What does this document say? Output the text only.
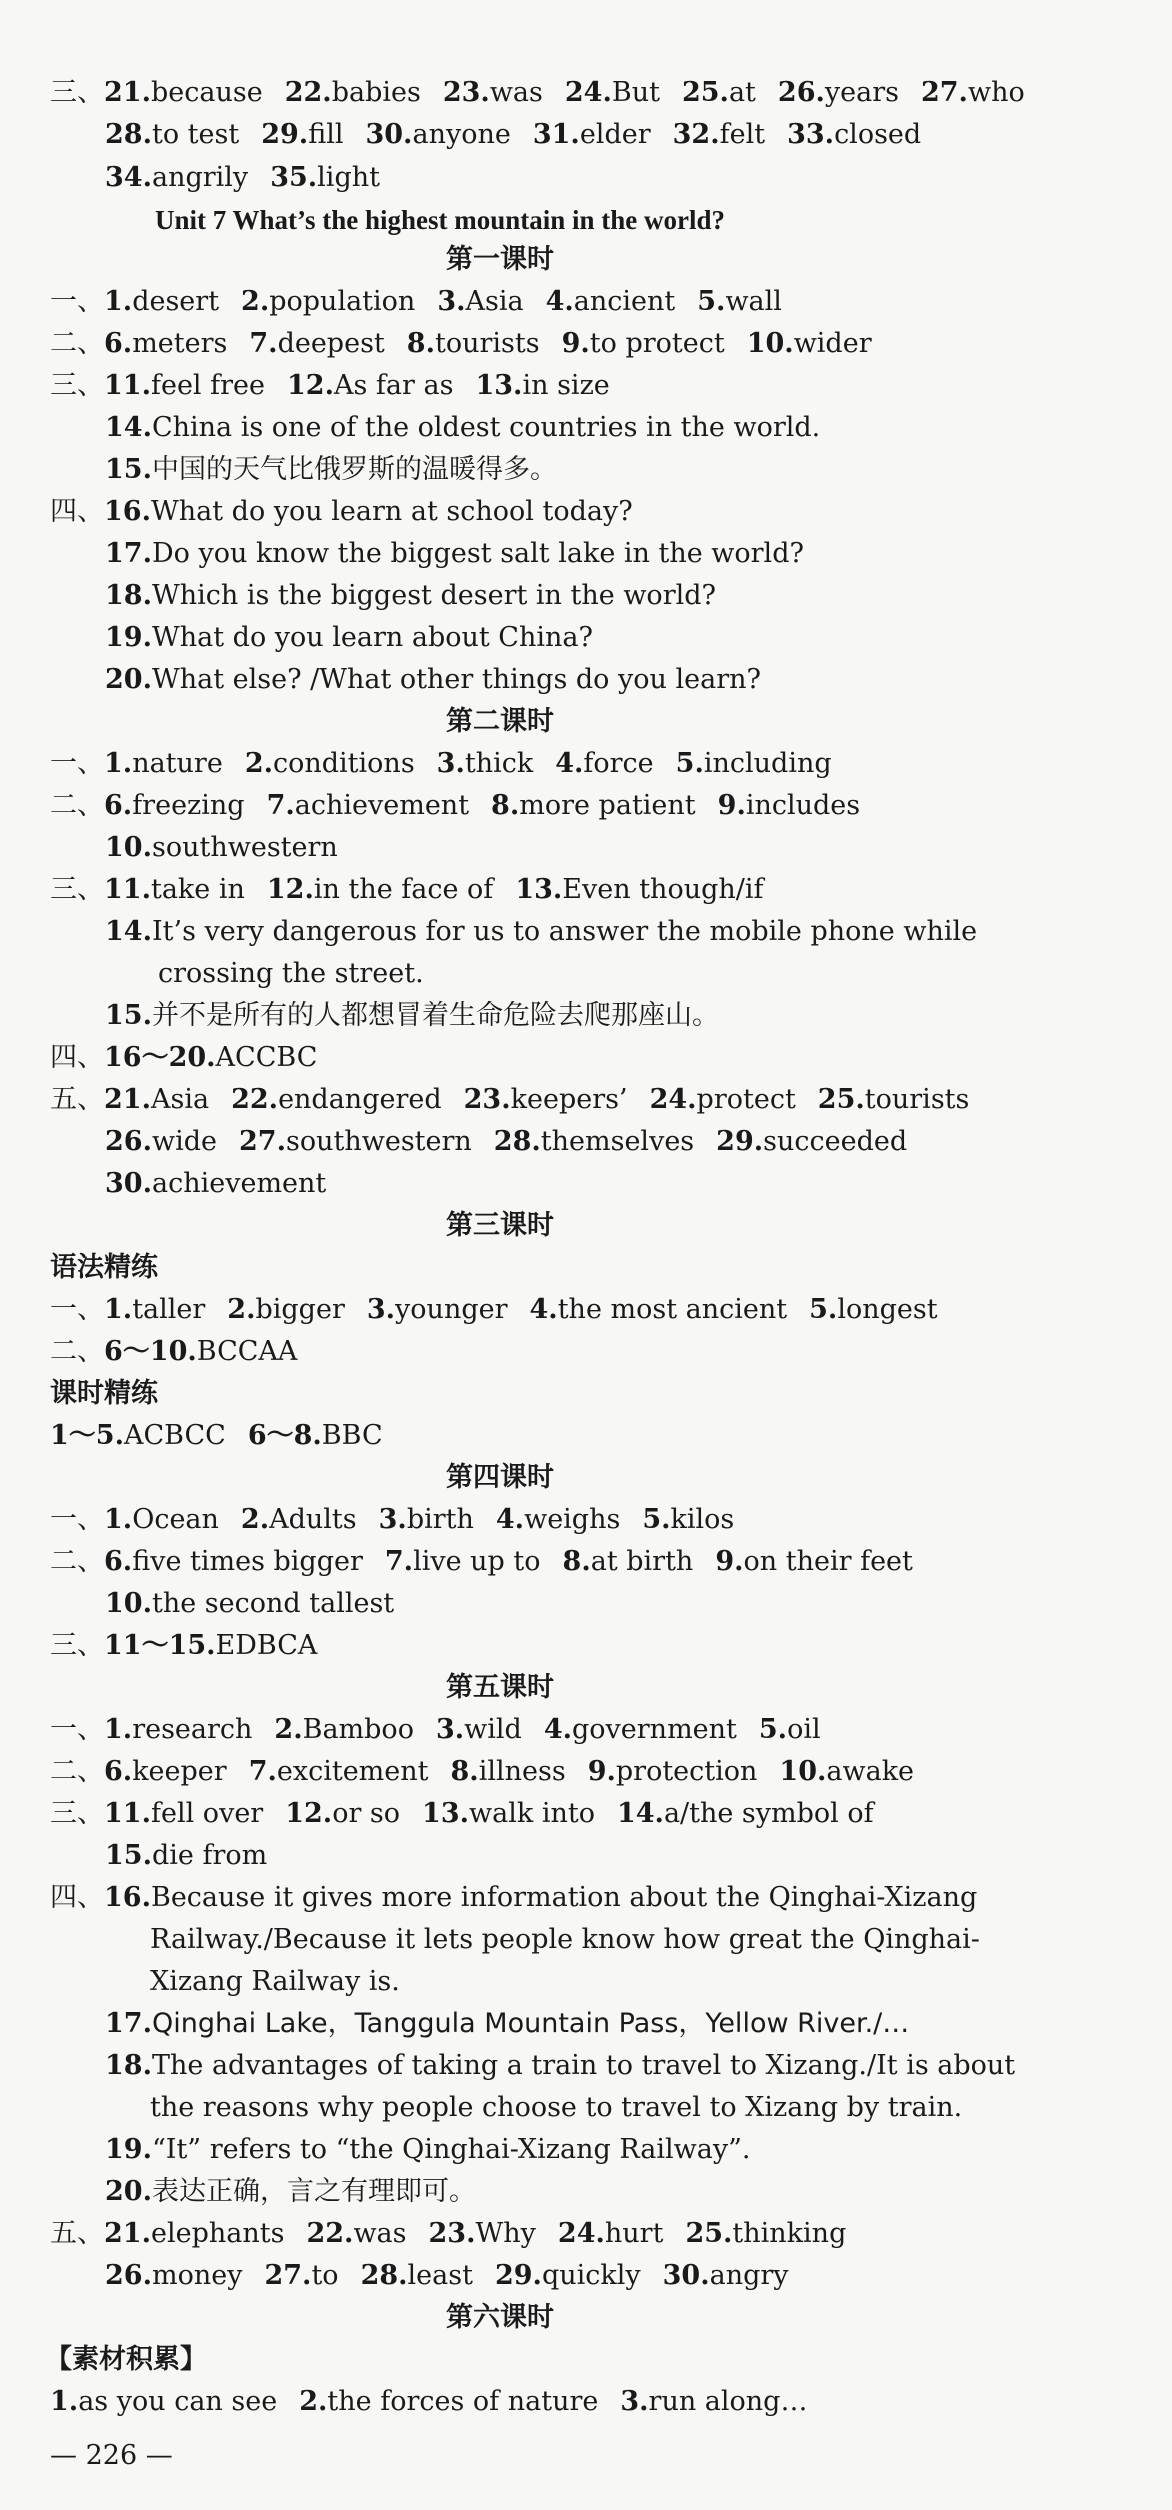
三、21.because 22.babies 23.was 24.But 25.at 26.years 27.who
28.to test 29.fill 30.anyone 31.elder 32.felt 33.closed
34.angrily 35.light
Unit 7 What’s the highest mountain in the world?
第一课时
一、1.desert 2.population 3.Asia 4.ancient 5.wall
二、6.meters 7.deepest 8.tourists 9.to protect 10.wider
三、11.feel free 12.As far as 13.in size
14.China is one of the oldest countries in the world.
15.中国的天气比俄罗斯的温暖得多。
四、16.What do you learn at school today?
17.Do you know the biggest salt lake in the world?
18.Which is the biggest desert in the world?
19.What do you learn about China?
20.What else? /What other things do you learn?
第二课时
一、1.nature 2.conditions 3.thick 4.force 5.including
二、6.freezing 7.achievement 8.more patient 9.includes
10.southwestern
三、11.take in 12.in the face of 13.Even though/if
14.It’s very dangerous for us to answer the mobile phone while
crossing the street.
15.并不是所有的人都想冒着生命危险去爬那座山。
四、16～20.ACCBC
五、21.Asia 22.endangered 23.keepers’ 24.protect 25.tourists
26.wide 27.southwestern 28.themselves 29.succeeded
30.achievement
第三课时
语法精练
一、1.taller 2.bigger 3.younger 4.the most ancient 5.longest
二、6～10.BCCAA
课时精练
1～5.ACBCC 6～8.BBC
第四课时
一、1.Ocean 2.Adults 3.birth 4.weighs 5.kilos
二、6.five times bigger 7.live up to 8.at birth 9.on their feet
10.the second tallest
三、11～15.EDBCA
第五课时
一、1.research 2.Bamboo 3.wild 4.government 5.oil
二、6.keeper 7.excitement 8.illness 9.protection 10.awake
三、11.fell over 12.or so 13.walk into 14.a/the symbol of
15.die from
四、16.Because it gives more information about the Qinghai-Xizang
Railway./Because it lets people know how great the Qinghai-
Xizang Railway is.
17.Qinghai Lake，Tanggula Mountain Pass，Yellow River./…
18.The advantages of taking a train to travel to Xizang./It is about
the reasons why people choose to travel to Xizang by train.
19.“It” refers to “the Qinghai-Xizang Railway”.
20.表达正确，言之有理即可。
五、21.elephants 22.was 23.Why 24.hurt 25.thinking
26.money 27.to 28.least 29.quickly 30.angry
第六课时
【素材积累】
1.as you can see 2.the forces of nature 3.run along…
— 226 —
